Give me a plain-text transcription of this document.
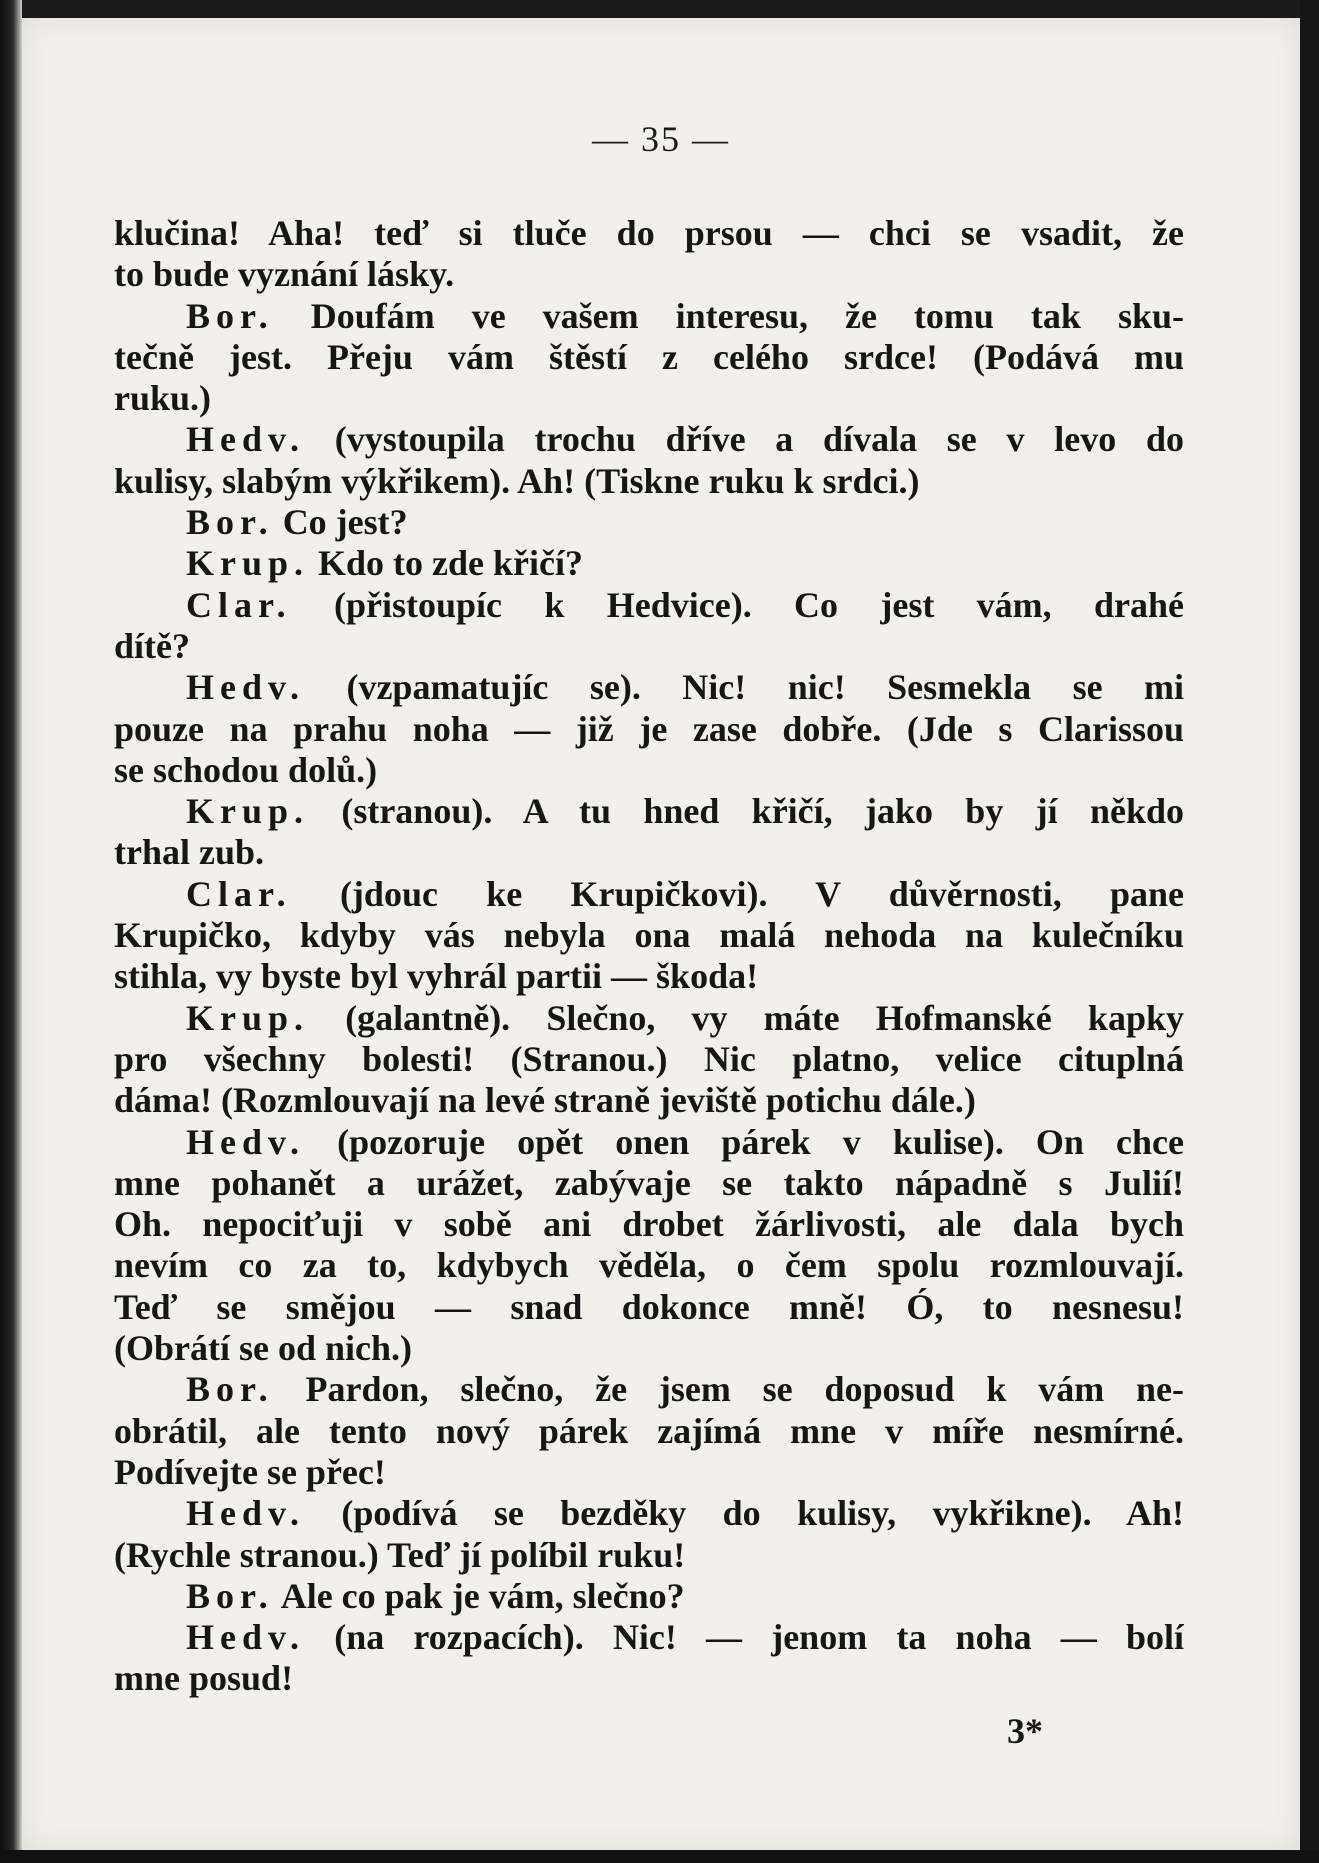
— 35 —
klučina! Aha! teď si tluče do prsou — chci se vsadit, že
to bude vyznání lásky.
Bor. Doufám ve vašem interesu, že tomu tak sku-
tečně jest. Přeju vám štěstí z celého srdce! (Podává mu
ruku.)
Hedv. (vystoupila trochu dříve a dívala se v levo do
kulisy, slabým výkřikem). Ah! (Tiskne ruku k srdci.)
Bor. Co jest?
Krup. Kdo to zde křičí?
Clar. (přistoupíc k Hedvice). Co jest vám, drahé
dítě?
Hedv. (vzpamatujíc se). Nic! nic! Sesmekla se mi
pouze na prahu noha — již je zase dobře. (Jde s Clarissou
se schodou dolů.)
Krup. (stranou). A tu hned křičí, jako by jí někdo
trhal zub.
Clar. (jdouc ke Krupičkovi). V důvěrnosti, pane
Krupičko, kdyby vás nebyla ona malá nehoda na kulečníku
stihla, vy byste byl vyhrál partii — škoda!
Krup. (galantně). Slečno, vy máte Hofmanské kapky
pro všechny bolesti! (Stranou.) Nic platno, velice cituplná
dáma! (Rozmlouvají na levé straně jeviště potichu dále.)
Hedv. (pozoruje opět onen párek v kulise). On chce
mne pohanět a urážet, zabývaje se takto nápadně s Julií!
Oh. nepociťuji v sobě ani drobet žárlivosti, ale dala bych
nevím co za to, kdybych věděla, o čem spolu rozmlouvají.
Teď se smějou — snad dokonce mně! Ó, to nesnesu!
(Obrátí se od nich.)
Bor. Pardon, slečno, že jsem se doposud k vám ne-
obrátil, ale tento nový párek zajímá mne v míře nesmírné.
Podívejte se přec!
Hedv. (podívá se bezděky do kulisy, vykřikne). Ah!
(Rychle stranou.) Teď jí políbil ruku!
Bor. Ale co pak je vám, slečno?
Hedv. (na rozpacích). Nic! — jenom ta noha — bolí
mne posud!
3*
